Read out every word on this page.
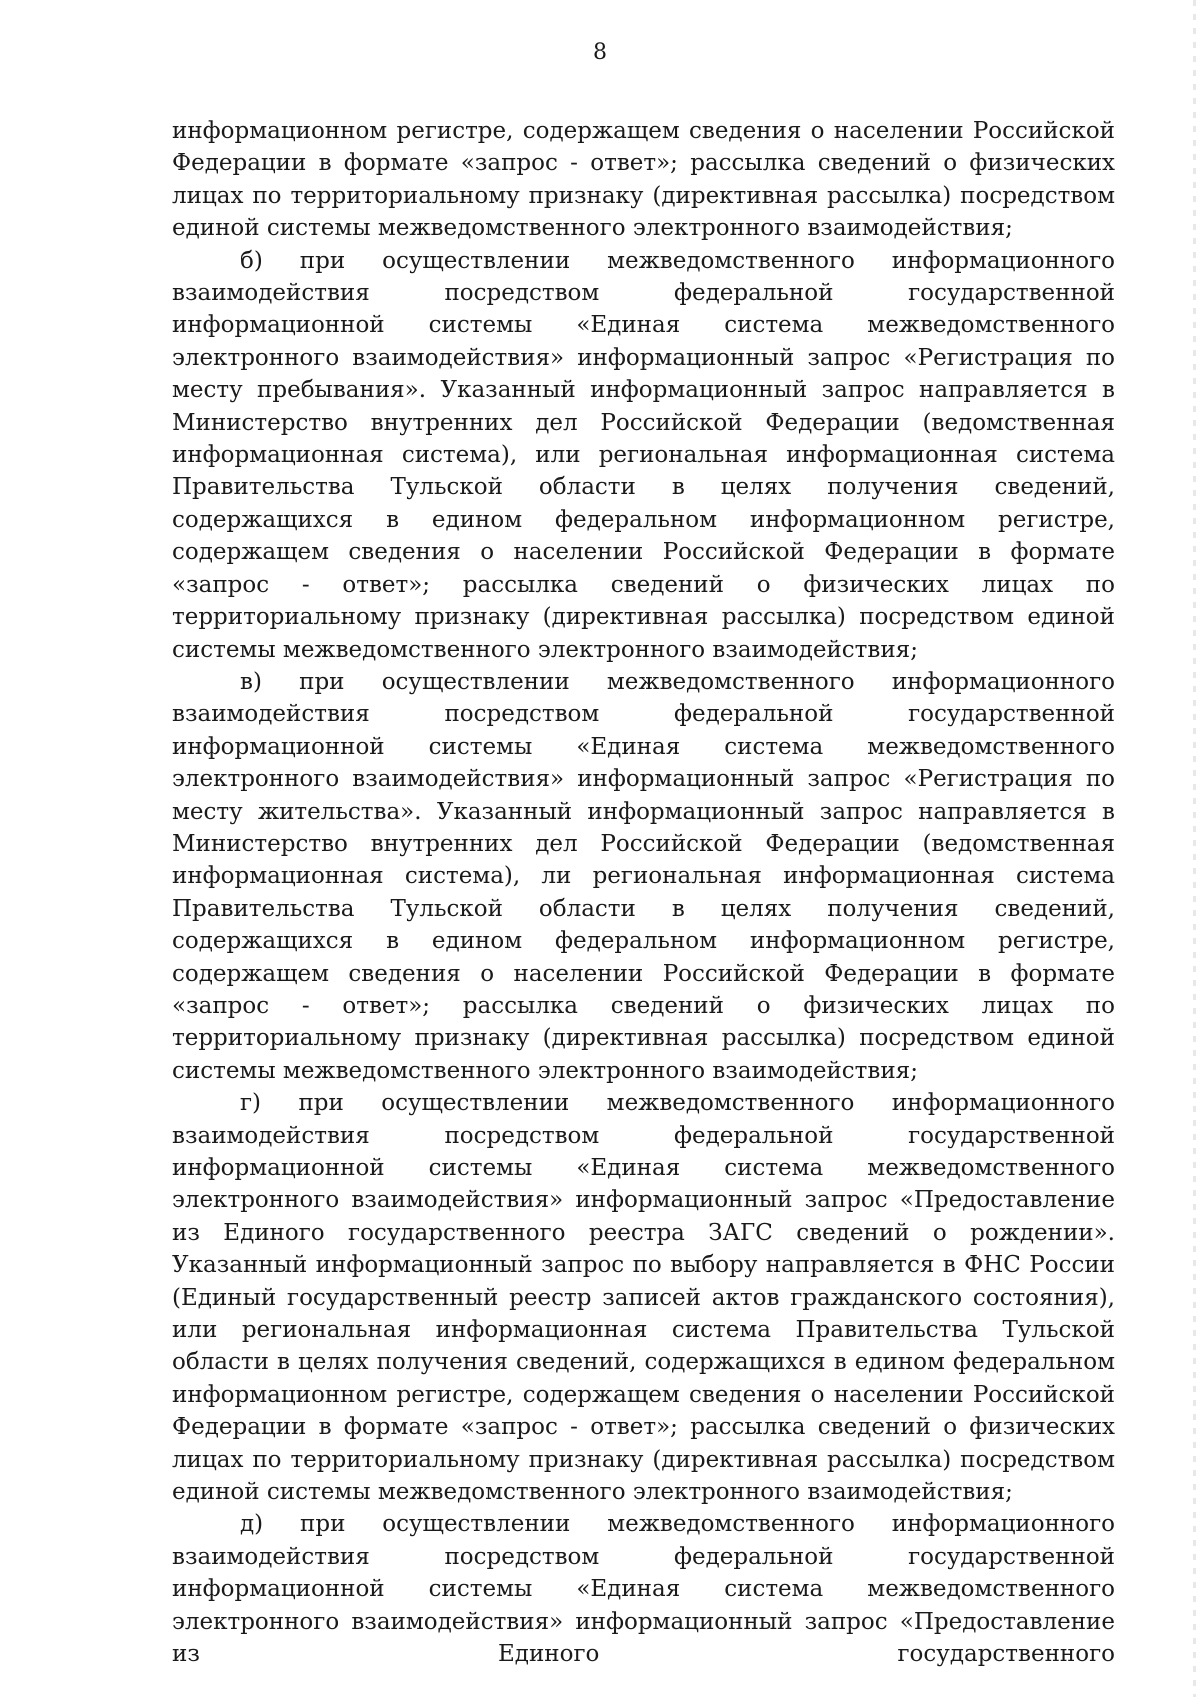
8

информационном регистре, содержащем сведения о населении Российской Федерации в формате «запрос - ответ»; рассылка сведений о физических лицах по территориальному признаку (директивная рассылка) посредством единой системы межведомственного электронного взаимодействия;

б) при осуществлении межведомственного информационного взаимодействия посредством федеральной государственной информационной системы «Единая система межведомственного электронного взаимодействия» информационный запрос «Регистрация по месту пребывания». Указанный информационный запрос направляется в Министерство внутренних дел Российской Федерации (ведомственная информационная система), или региональная информационная система Правительства Тульской области в целях получения сведений, содержащихся в едином федеральном информационном регистре, содержащем сведения о населении Российской Федерации в формате «запрос - ответ»; рассылка сведений о физических лицах по территориальному признаку (директивная рассылка) посредством единой системы межведомственного электронного взаимодействия;

в) при осуществлении межведомственного информационного взаимодействия посредством федеральной государственной информационной системы «Единая система межведомственного электронного взаимодействия» информационный запрос «Регистрация по месту жительства». Указанный информационный запрос направляется в Министерство внутренних дел Российской Федерации (ведомственная информационная система), ли региональная информационная система Правительства Тульской области в целях получения сведений, содержащихся в едином федеральном информационном регистре, содержащем сведения о населении Российской Федерации в формате «запрос - ответ»; рассылка сведений о физических лицах по территориальному признаку (директивная рассылка) посредством единой системы межведомственного электронного взаимодействия;

г) при осуществлении межведомственного информационного взаимодействия посредством федеральной государственной информационной системы «Единая система межведомственного электронного взаимодействия» информационный запрос «Предоставление из Единого государственного реестра ЗАГС сведений о рождении». Указанный информационный запрос по выбору направляется в ФНС России (Единый государственный реестр записей актов гражданского состояния), или региональная информационная система Правительства Тульской области в целях получения сведений, содержащихся в едином федеральном информационном регистре, содержащем сведения о населении Российской Федерации в формате «запрос - ответ»; рассылка сведений о физических лицах по территориальному признаку (директивная рассылка) посредством единой системы межведомственного электронного взаимодействия;

д) при осуществлении межведомственного информационного взаимодействия посредством федеральной государственной информационной системы «Единая система межведомственного электронного взаимодействия» информационный запрос «Предоставление из Единого государственного
